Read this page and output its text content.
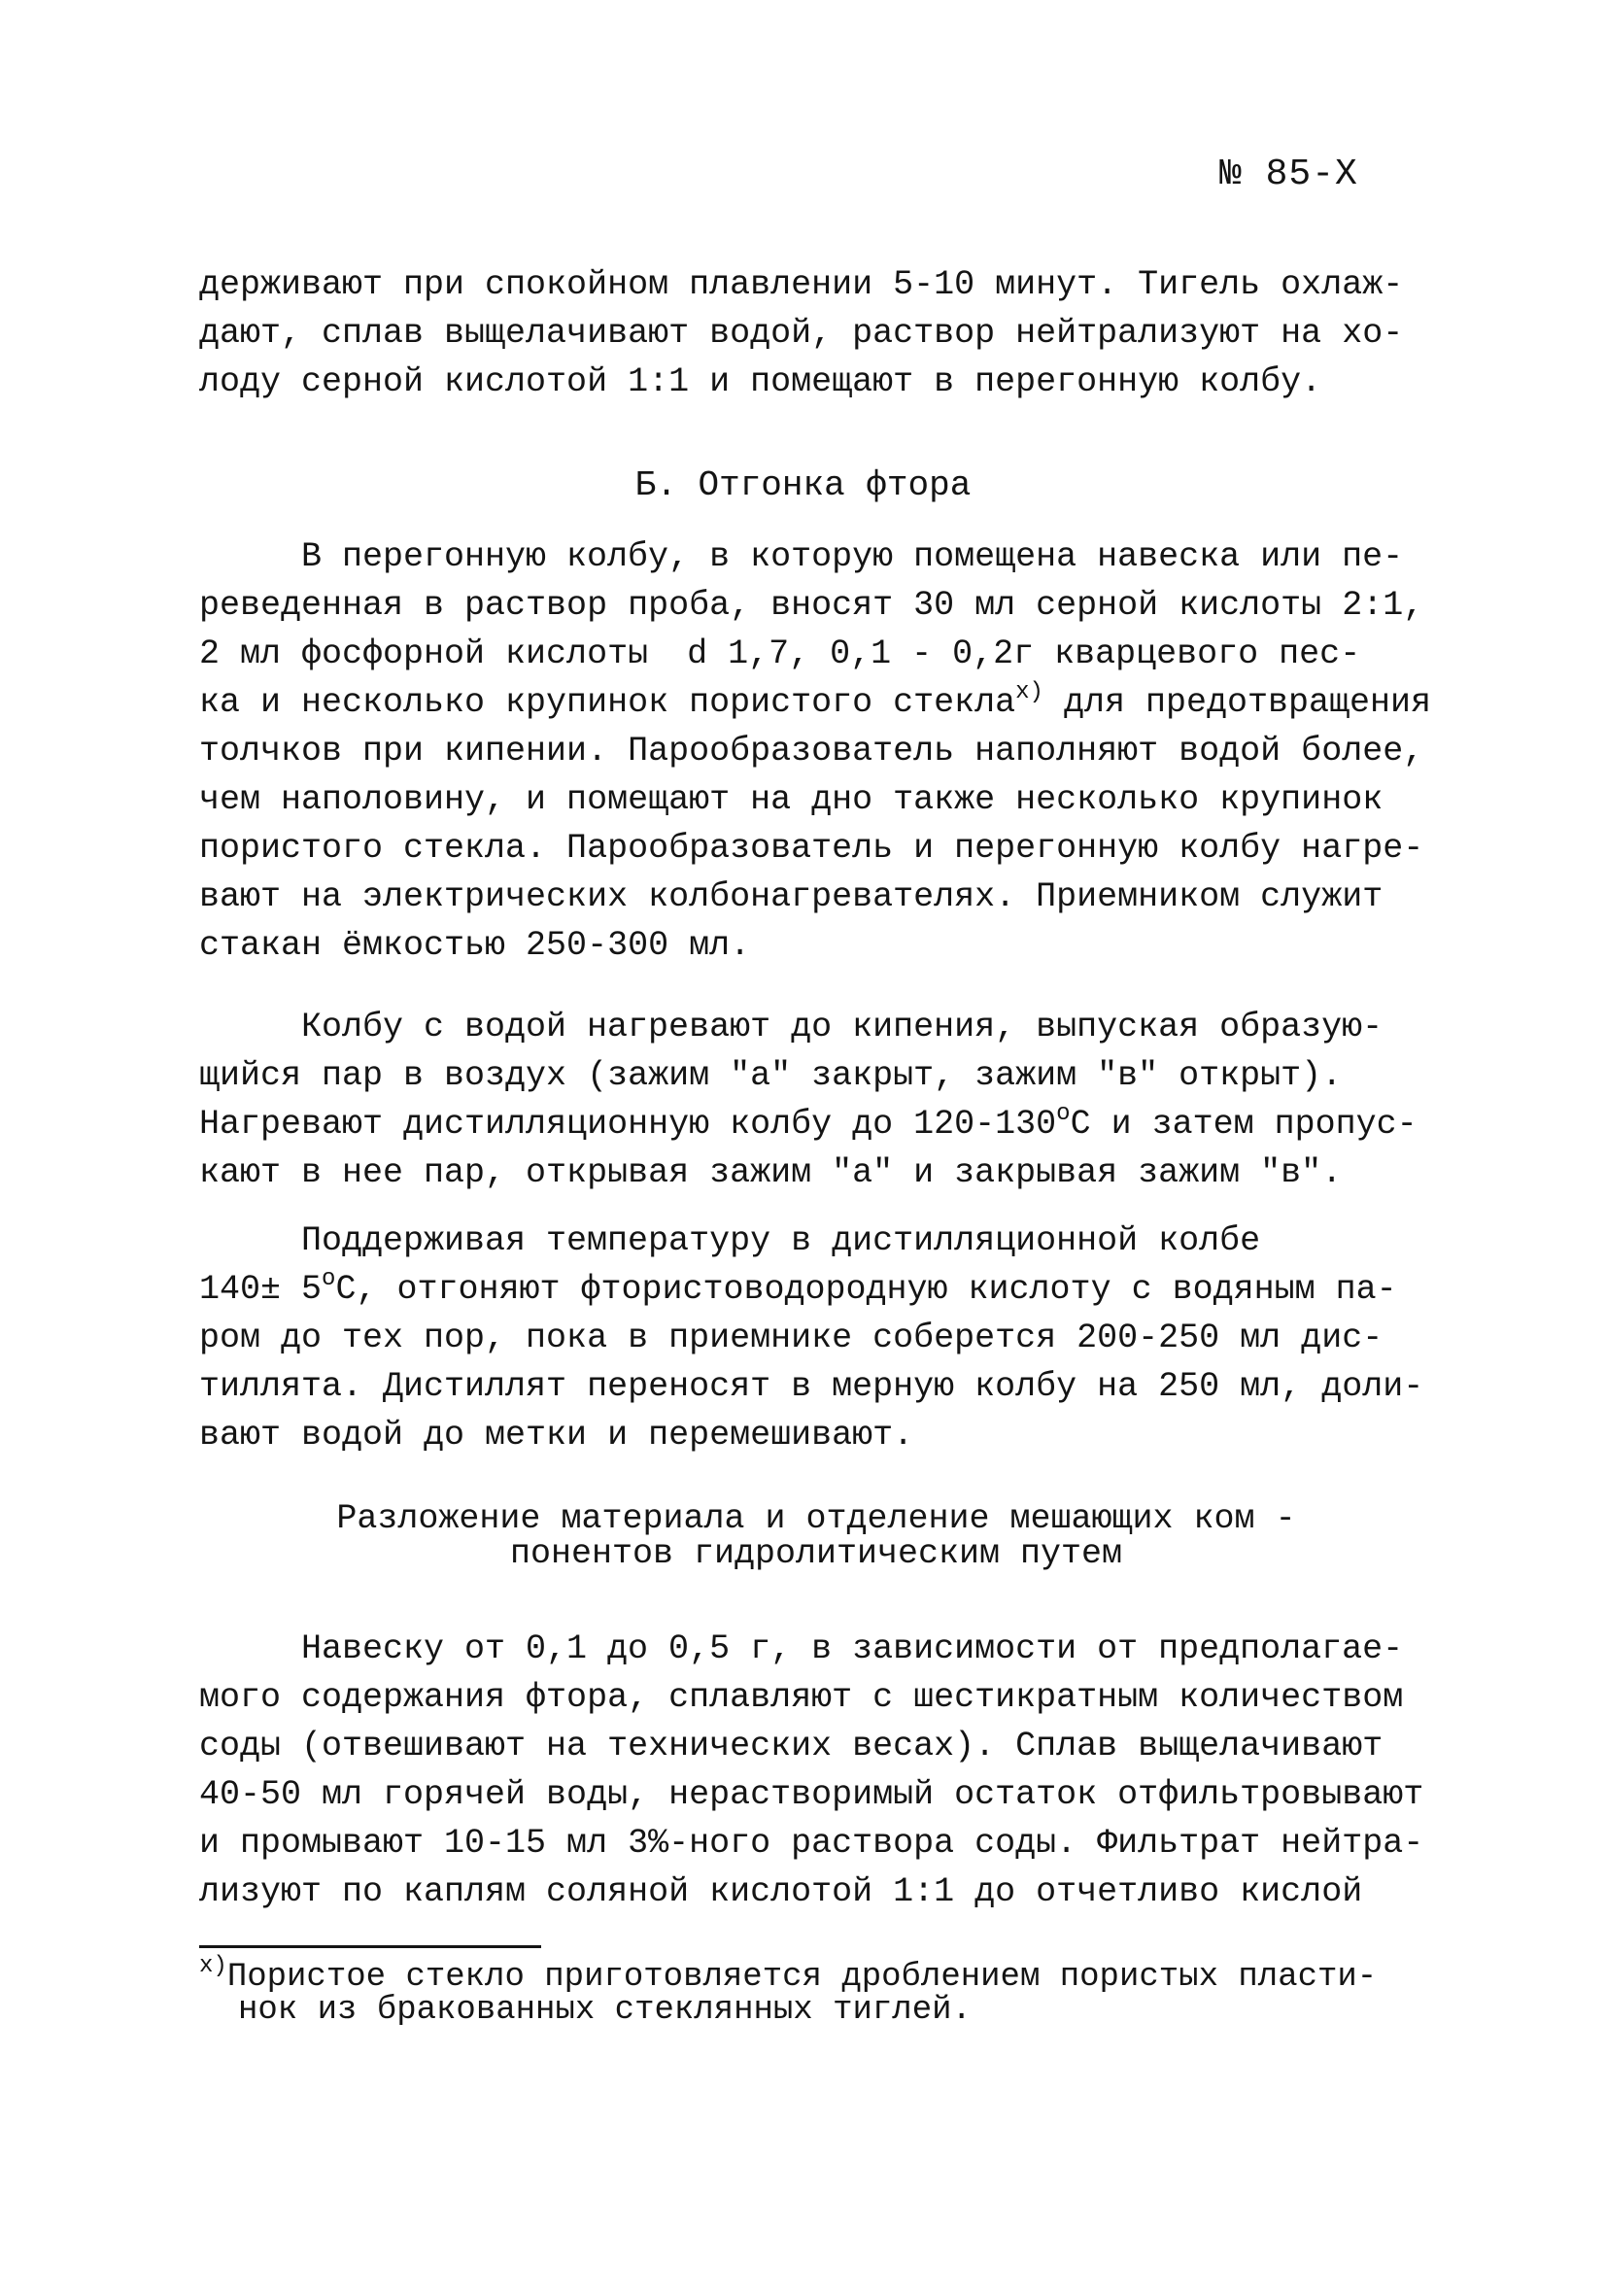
№ 85-Х
держивают при спокойном плавлении 5-10 минут. Тигель охлаж-
дают, сплав выщелачивают водой, раствор нейтрализуют на хо-
лоду серной кислотой 1:1 и помещают в перегонную колбу.
Б. Отгонка фтора
В перегонную колбу, в которую помещена навеска или пе-
реведенная в раствор проба, вносят 30 мл серной кислоты 2:1,
2 мл фосфорной кислоты d 1,7, 0,1 - 0,2г кварцевого пес-
ка и несколько крупинок пористого стекла$^{х)}$ для предотвращения
толчков при кипении. Парообразователь наполняют водой более,
чем наполовину, и помещают на дно также несколько крупинок
пористого стекла. Парообразователь и перегонную колбу нагре-
вают на электрических колбонагревателях. Приемником служит
стакан ёмкостью 250-300 мл.
Колбу с водой нагревают до кипения, выпуская образую-
щийся пар в воздух (зажим "а" закрыт, зажим "в" открыт).
Нагревают дистилляционную колбу до $120-130^оС$ и затем пропус-
кают в нее пар, открывая зажим "а" и закрывая зажим "в".
Поддерживая температуру в дистилляционной колбе
$140\pm 5^оС$, отгоняют фтористоводородную кислоту с водяным па-
ром до тех пор, пока в приемнике соберется 200-250 мл дис-
тиллята. Дистиллят переносят в мерную колбу на 250 мл, доли-
вают водой до метки и перемешивают.
Разложение материала и отделение мешающих ком -
понентов гидролитическим путем
Навеску от 0,1 до 0,5 г, в зависимости от предполагае-
мого содержания фтора, сплавляют с шестикратным количеством
соды (отвешивают на технических весах). Сплав выщелачивают
40-50 мл горячей воды, нерастворимый остаток отфильтровывают
и промывают 10-15 мл 3%-ного раствора соды. Фильтрат нейтра-
лизуют по каплям соляной кислотой 1:1 до отчетливо кислой
$^{х)}$Пористое стекло приготовляется дроблением пористых пласти-
нок из бракованных стеклянных тиглей.
